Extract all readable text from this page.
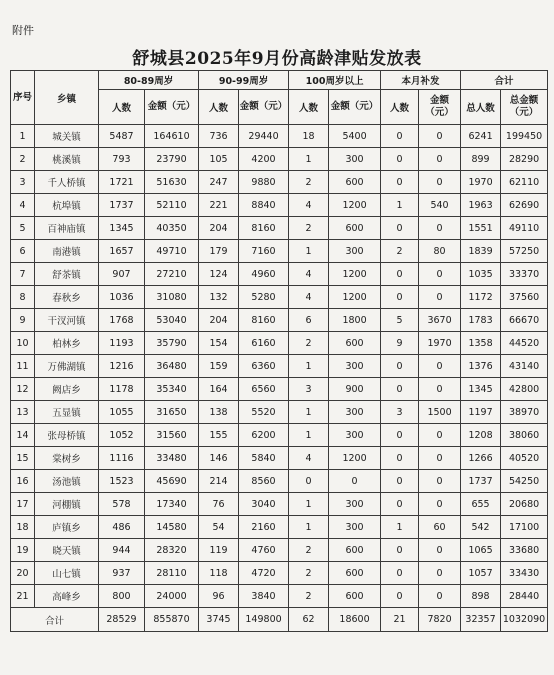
附件
舒城县2025年9月份高龄津贴发放表
序号	乡镇	80-89周岁		90-99周岁		100周岁以上		本月补发		合计	
		人数	金额（元）	人数	金额（元）	人数	金额（元）	人数	金额（元）	总人数	总金额（元）
1	城关镇	5487	164610	736	29440	18	5400	0	0	6241	199450
2	桃溪镇	793	23790	105	4200	1	300	0	0	899	28290
3	千人桥镇	1721	51630	247	9880	2	600	0	0	1970	62110
4	杭埠镇	1737	52110	221	8840	4	1200	1	540	1963	62690
5	百神庙镇	1345	40350	204	8160	2	600	0	0	1551	49110
6	南港镇	1657	49710	179	7160	1	300	2	80	1839	57250
7	舒茶镇	907	27210	124	4960	4	1200	0	0	1035	33370
8	春秋乡	1036	31080	132	5280	4	1200	0	0	1172	37560
9	干汊河镇	1768	53040	204	8160	6	1800	5	3670	1783	66670
10	柏林乡	1193	35790	154	6160	2	600	9	1970	1358	44520
11	万佛湖镇	1216	36480	159	6360	1	300	0	0	1376	43140
12	阙店乡	1178	35340	164	6560	3	900	0	0	1345	42800
13	五显镇	1055	31650	138	5520	1	300	3	1500	1197	38970
14	张母桥镇	1052	31560	155	6200	1	300	0	0	1208	38060
15	棠树乡	1116	33480	146	5840	4	1200	0	0	1266	40520
16	汤池镇	1523	45690	214	8560	0	0	0	0	1737	54250
17	河棚镇	578	17340	76	3040	1	300	0	0	655	20680
18	庐镇乡	486	14580	54	2160	1	300	1	60	542	17100
19	晓天镇	944	28320	119	4760	2	600	0	0	1065	33680
20	山七镇	937	28110	118	4720	2	600	0	0	1057	33430
21	高峰乡	800	24000	96	3840	2	600	0	0	898	28440
合计		28529	855870	3745	149800	62	18600	21	7820	32357	1032090
